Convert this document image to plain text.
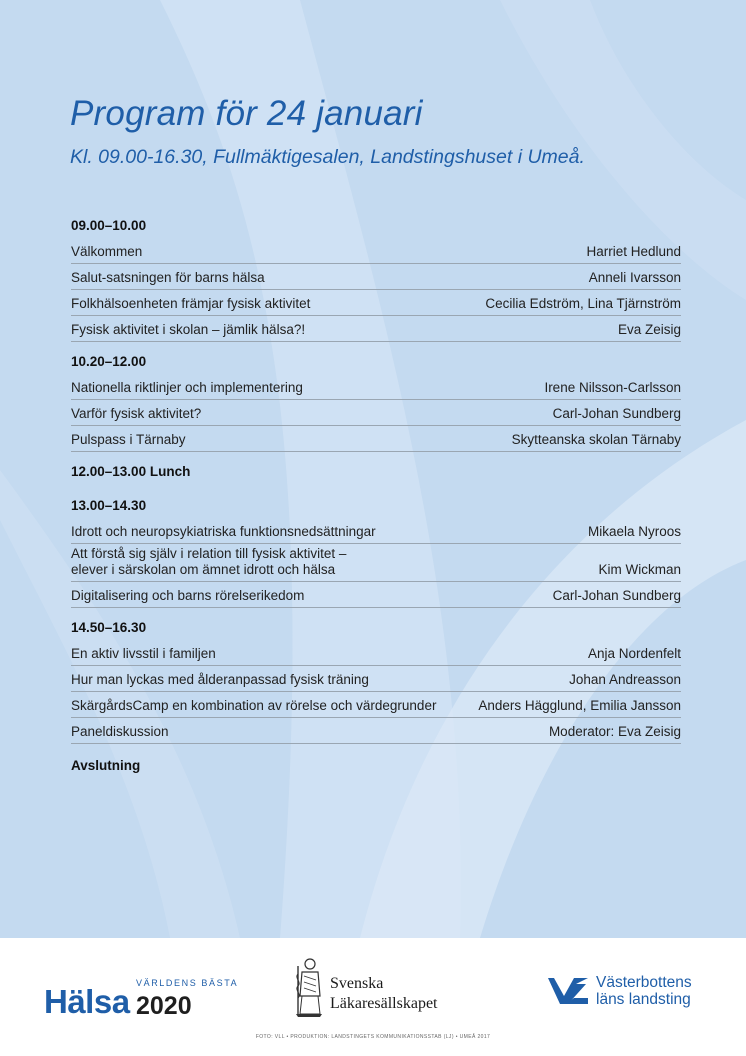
Program för 24 januari
Kl. 09.00-16.30, Fullmäktigesalen, Landstingshuset i Umeå.
09.00–10.00
Välkommen	Harriet Hedlund
Salut-satsningen för barns hälsa	Anneli Ivarsson
Folkhälsoenheten främjar fysisk aktivitet	Cecilia Edström, Lina Tjärnström
Fysisk aktivitet i skolan – jämlik hälsa?!	Eva Zeisig
10.20–12.00
Nationella riktlinjer och implementering	Irene Nilsson-Carlsson
Varför fysisk aktivitet?	Carl-Johan Sundberg
Pulspass i Tärnaby	Skytteanska skolan Tärnaby
12.00–13.00 Lunch
13.00–14.30
Idrott och neuropsykiatriska funktionsnedsättningar	Mikaela Nyroos
Att förstå sig själv i relation till fysisk aktivitet –
elever i särskolan om ämnet idrott och hälsa	Kim Wickman
Digitalisering och barns rörelserikedom	Carl-Johan Sundberg
14.50–16.30
En aktiv livsstil i familjen	Anja Nordenfelt
Hur man lyckas med ålderanpassad fysisk träning	Johan Andreasson
SkärgårdsCamp en kombination av rörelse och värdegrunder	Anders Hägglund, Emilia Jansson
Paneldiskussion	Moderator: Eva Zeisig
Avslutning
VÄRLDENS BÄSTA
Hälsa 2020
Svenska
Läkaresällskapet
Västerbottens
läns landsting
FOTO: VLL • PRODUKTION: LANDSTINGETS KOMMUNIKATIONSSTAB (LJ) • UMEÅ 2017
